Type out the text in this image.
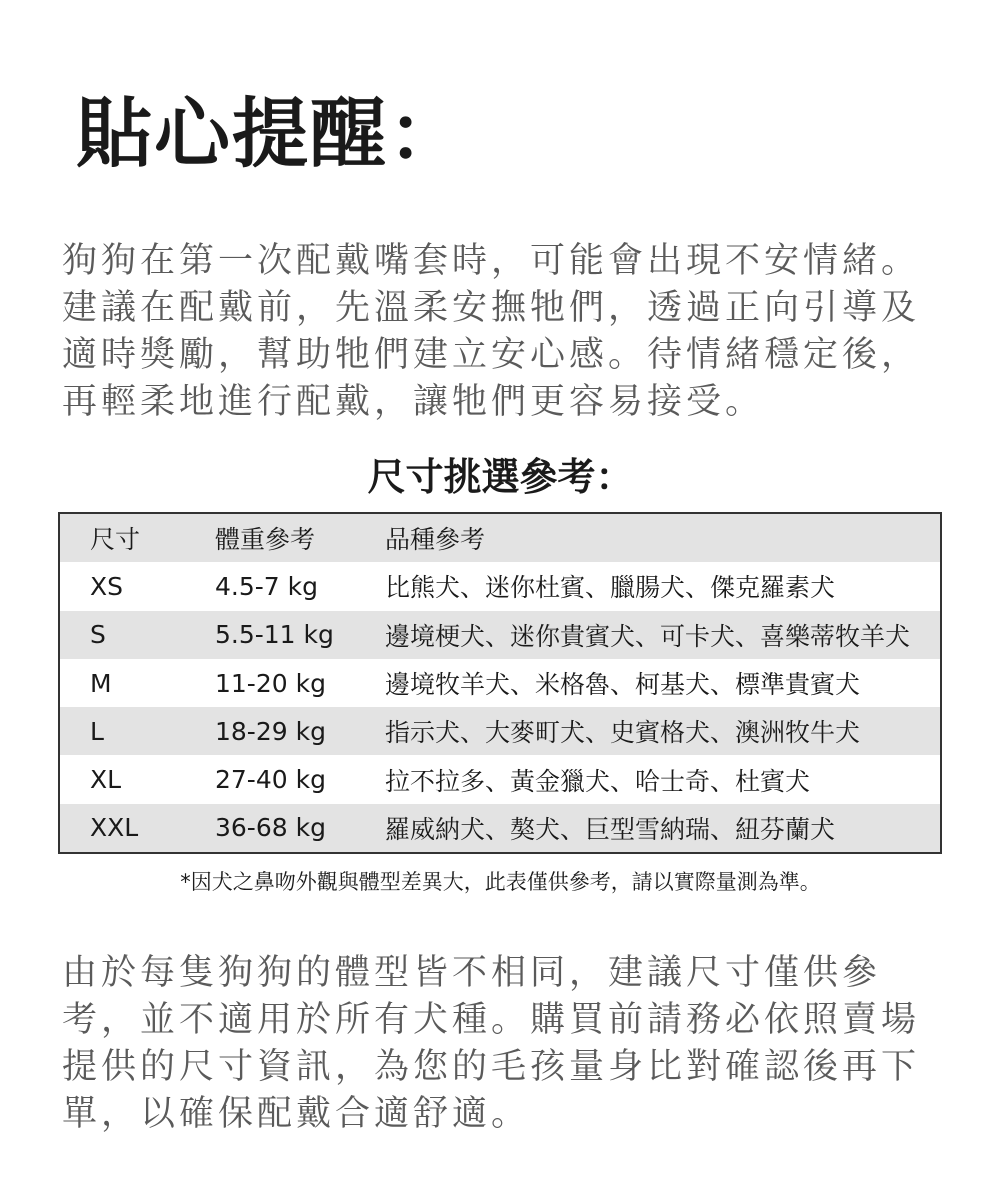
貼心提醒：
狗狗在第一次配戴嘴套時，可能會出現不安情緒。建議在配戴前，先溫柔安撫牠們，透過正向引導及適時獎勵，幫助牠們建立安心感。待情緒穩定後，再輕柔地進行配戴，讓牠們更容易接受。
尺寸挑選參考：
尺寸	體重參考	品種參考
XS	4.5-7 kg	比熊犬、迷你杜賓、臘腸犬、傑克羅素犬
S	5.5-11 kg	邊境梗犬、迷你貴賓犬、可卡犬、喜樂蒂牧羊犬
M	11-20 kg	邊境牧羊犬、米格魯、柯基犬、標準貴賓犬
L	18-29 kg	指示犬、大麥町犬、史賓格犬、澳洲牧牛犬
XL	27-40 kg	拉不拉多、黃金獵犬、哈士奇、杜賓犬
XXL	36-68 kg	羅威納犬、獒犬、巨型雪納瑞、紐芬蘭犬
*因犬之鼻吻外觀與體型差異大，此表僅供參考，請以實際量測為準。
由於每隻狗狗的體型皆不相同，建議尺寸僅供參考，並不適用於所有犬種。購買前請務必依照賣場提供的尺寸資訊，為您的毛孩量身比對確認後再下單，以確保配戴合適舒適。
